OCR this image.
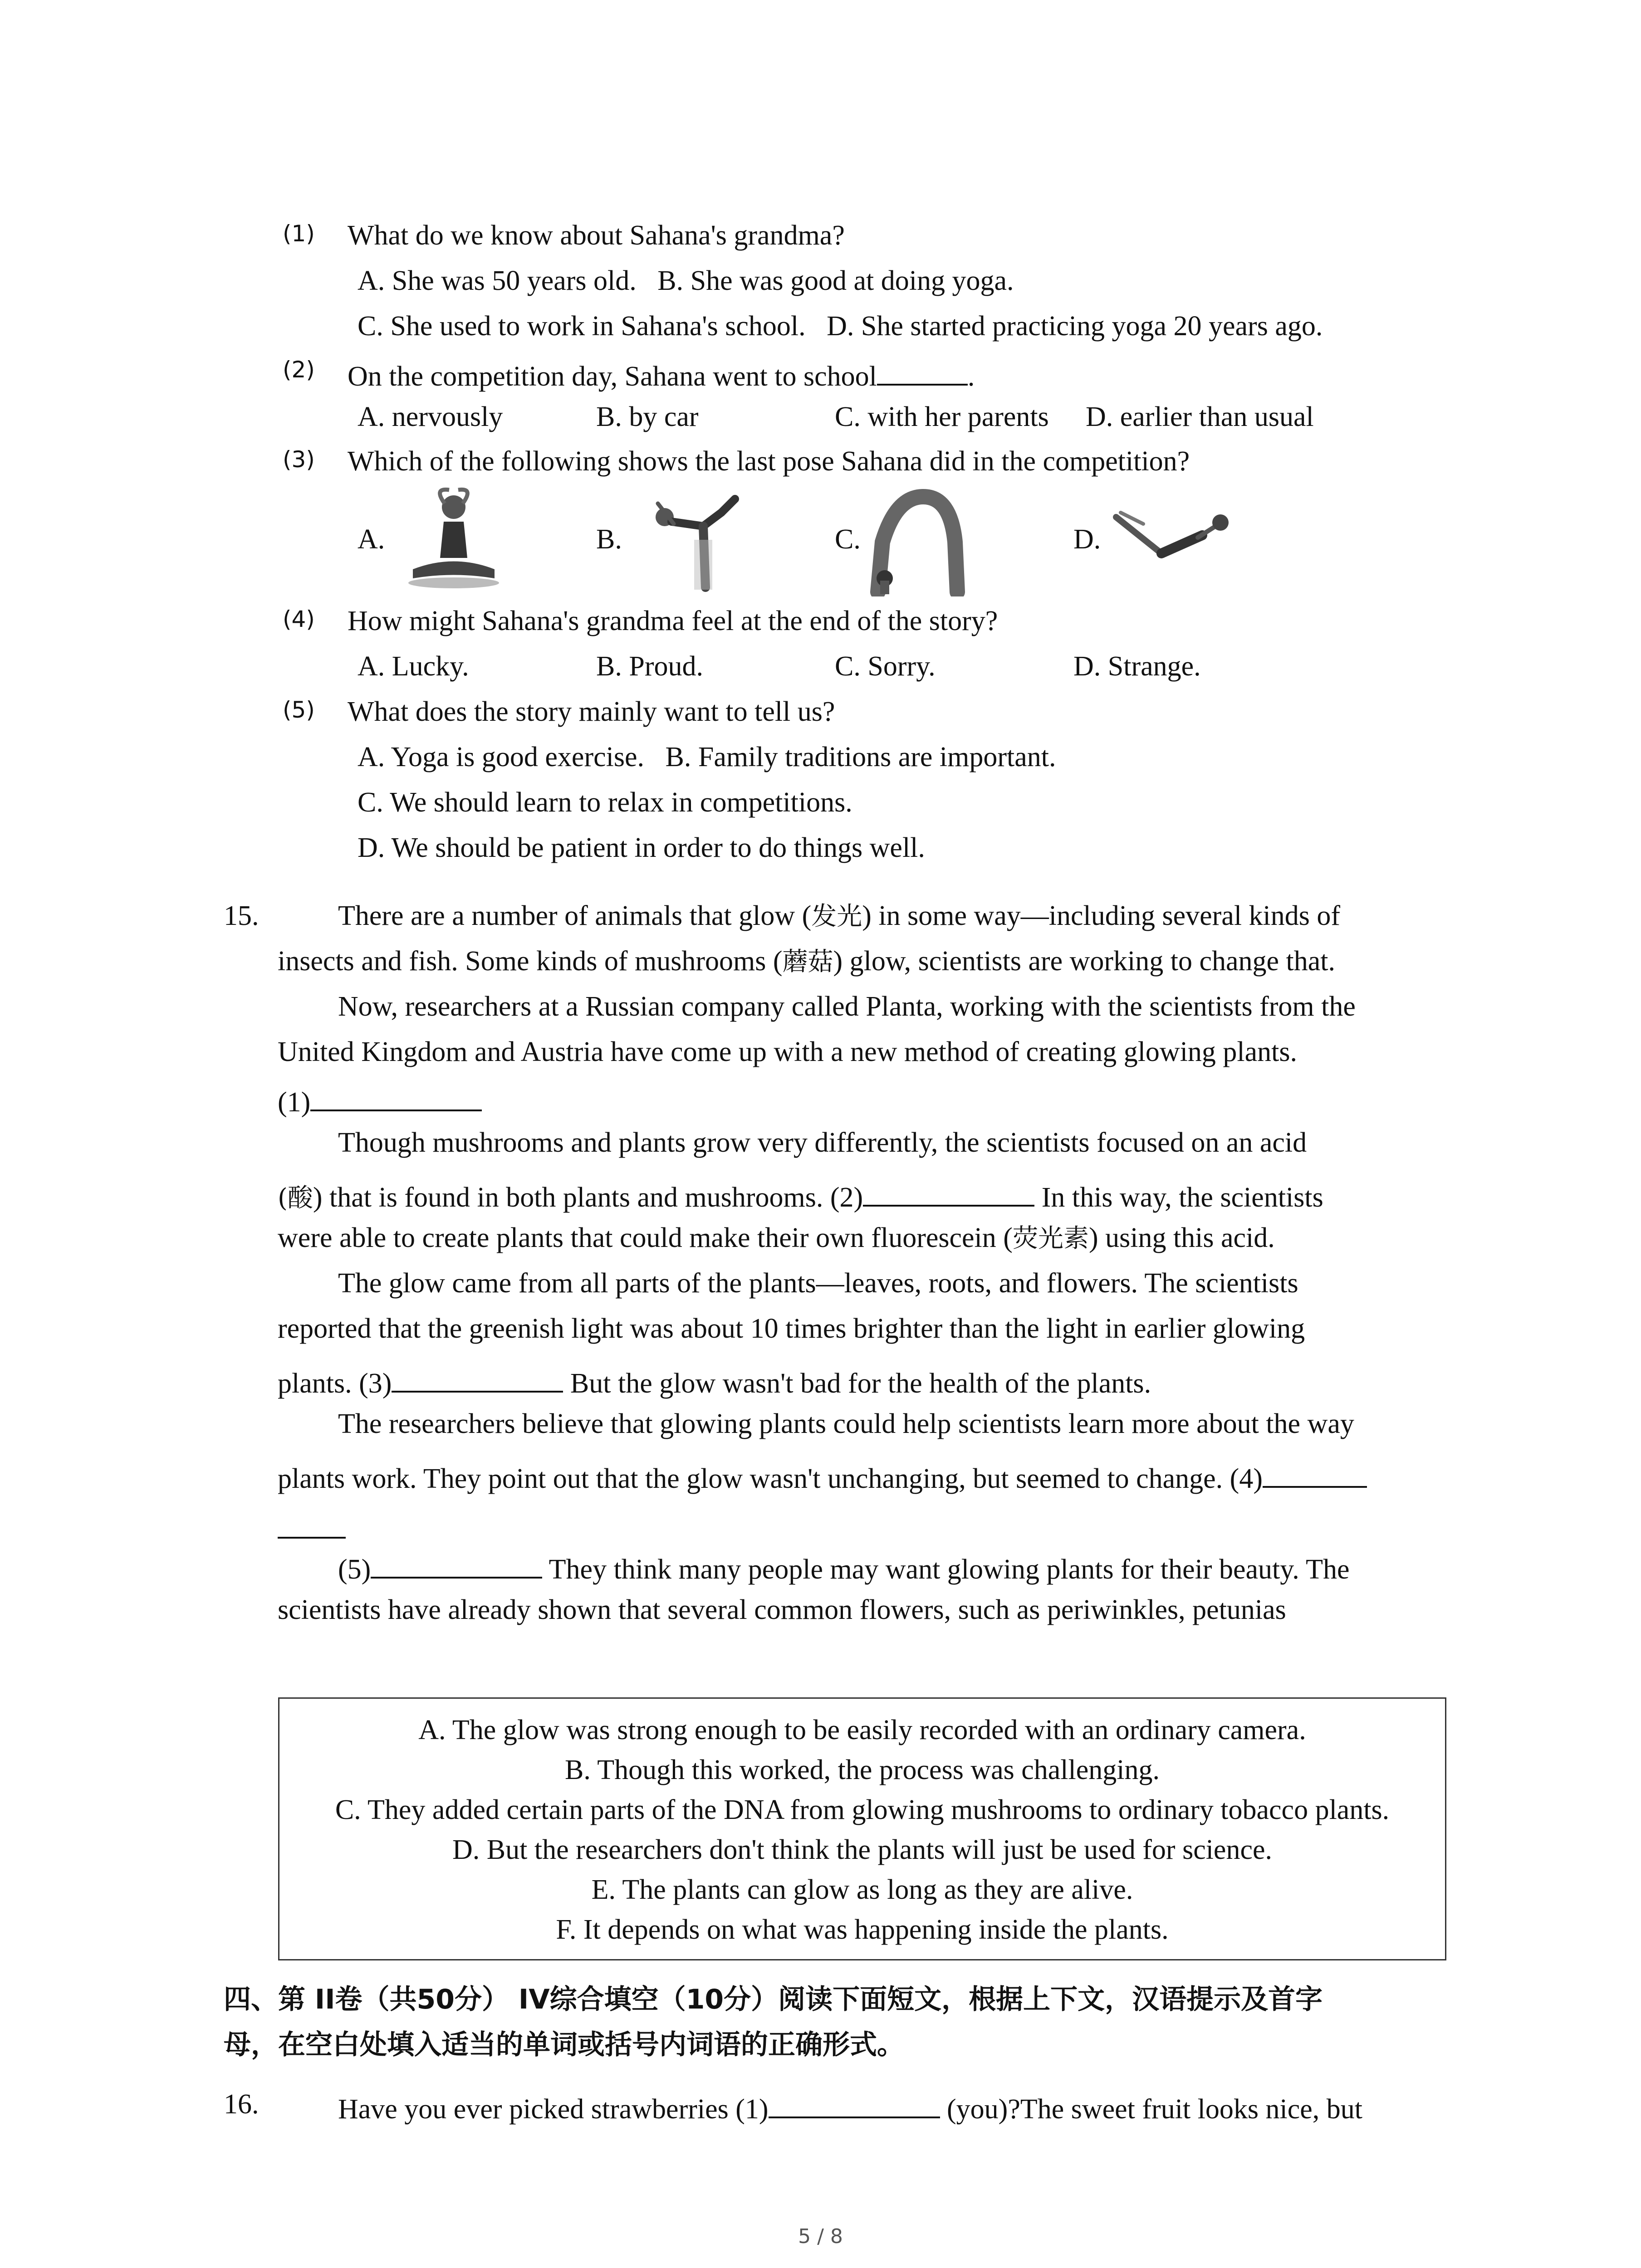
(1) What do we know about Sahana's grandma?
A. She was 50 years old.   B. She was good at doing yoga.
C. She used to work in Sahana's school.   D. She started practicing yoga 20 years ago.
(2) On the competition day, Sahana went to school	.
A. nervously	B. by car	C. with her parents D. earlier than usual
(3) Which of the following shows the last pose Sahana did in the competition?
A.	B.	C.	D.
(4) How might Sahana's grandma feel at the end of the story?
A. Lucky.	B. Proud.	C. Sorry.	D. Strange.
(5) What does the story mainly want to tell us?
A. Yoga is good exercise.   B. Family traditions are important.
C. We should learn to relax in competitions.
D. We should be patient in order to do things well.
15.	There are a number of animals that glow (发光) in some way—including several kinds of
insects and fish. Some kinds of mushrooms (蘑菇) glow, scientists are working to change that.
Now, researchers at a Russian company called Planta, working with the scientists from the
United Kingdom and Austria have come up with a new method of creating glowing plants.
(1)
Though mushrooms and plants grow very differently, the scientists focused on an acid
(酸) that is found in both plants and mushrooms. (2)	In this way, the scientists
were able to create plants that could make their own fluorescein (荧光素) using this acid.
The glow came from all parts of the plants—leaves, roots, and flowers. The scientists
reported that the greenish light was about 10 times brighter than the light in earlier glowing
plants. (3)	But the glow wasn't bad for the health of the plants.
The researchers believe that glowing plants could help scientists learn more about the way
plants work. They point out that the glow wasn't unchanging, but seemed to change. (4)
(5)	They think many people may want glowing plants for their beauty. The
scientists have already shown that several common flowers, such as periwinkles, petunias
A. The glow was strong enough to be easily recorded with an ordinary camera.
B. Though this worked, the process was challenging.
C. They added certain parts of the DNA from glowing mushrooms to ordinary tobacco plants.
D. But the researchers don't think the plants will just be used for science.
E. The plants can glow as long as they are alive.
F. It depends on what was happening inside the plants.
四、第 II卷（共50分） IV综合填空（10分）阅读下面短文，根据上下文，汉语提示及首字
母，在空白处填入适当的单词或括号内词语的正确形式。
16.	Have you ever picked strawberries (1)	(you)?The sweet fruit looks nice, but
5 / 8
